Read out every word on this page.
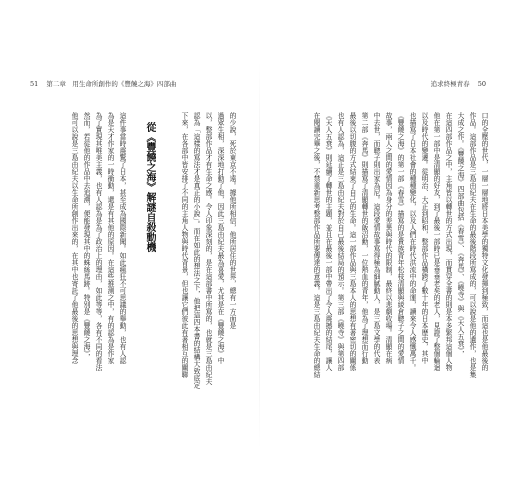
51 第二章　用生命所創作的《豐饒之海》四部曲	追求終極青春 50
的少說，死於東京不遠。據他所相信，他所居住的世界，總有一方面是
過眾生相，深深地打動了他，因此三島由紀夫最為喜愛，尤其是在《豐饒之海》中
以，整部作品才有生命之感。令人印象深刻的，是在這部書中所寫的，也就是三島由紀夫
認為「這樣的寫法才是真正的小說」。而在如此的想法之下，他把這四本書的結構大致底定
下來，在各部中皆安排了不同的主角人物與時代背景，但也讓它們彼此有著相互的關聯
從《豐饒之海》解謎自殺動機
這件事當時震驚了日本，甚至成為國際新聞。如此瘋狂不可思議的舉動，也有人認
為是天才作家的一時衝動，還是有其他的原因。在這些推測之中，有的認為是作家
為了實現其唯美主義，也有人認為是為了政治上的理由，如此等等，各有不同的看法
然而，若從他的作品中去追溯，便能發現其中的蛛絲馬跡。特別是《豐饒之海》，
他可以說是三島由紀夫以生命所創作出來的，在其中也寄託了他最後的思想與理念	口的全壓的世代，一層一層地將日本美學的獨特文化發揮到極致，而這也是他最後的
作品。這部作品是三島由紀夫在生命的最後階段所寫成的，可以說是他的遺作，也是集
大成之作。《豐饒之海》四部曲包括《春雪》、《奔馬》、《曉寺》與《天人五衰》，
在這四部作品之中，主角皆以轉世的方式出現，而貫穿全書的則是本多繁邦這個人物
他在第一部中是清顯的好友，到了最後一部時已是垂垂老矣的老人，見證了整個輪迴
以及時代的變遷。從明治、大正到昭和，整部作品橫跨了數十年的日本歷史，其中
也描寫了日本社會的種種變化，以及人們在時代洪流中的命運，讀來令人感慨萬千。
《豐饒之海》的第一部《春雪》描寫的是貴族青年松枝清顯與綾倉聰子之間的愛情
故事，兩人之間的愛情因為身分的差異與時代的限制，最終以悲劇收場。清顯在病
中去世，而聰子則出家為尼。這段愛情故事寫得極為細膩動人，是三島文學的代表
第二部《奔馬》則描寫了清顯轉世的飯沼勳，一位熱血的青年，他為了理想而行動
最後以切腹的方式結束了自己的生命。這一部作品與三島本人的思想有著密切的關係
也有人認為，這正是三島由紀夫對於自己最後結局的預示。第三部《曉寺》與第四部
《天人五衰》則延續了轉世的主題，並且在最後一部中帶出了令人震撼的結尾，讓人
在閱讀完畢之後，不禁重新思考整部作品所要傳達的意義。這是三島由紀夫生命的總結
